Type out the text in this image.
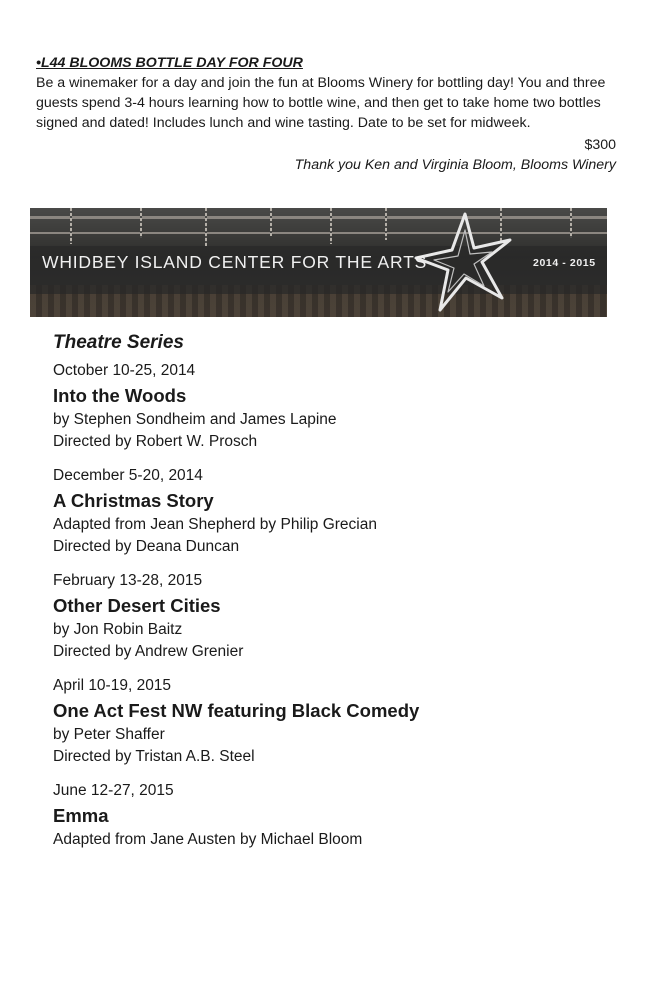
•L44 BLOOMS BOTTLE DAY FOR FOUR

Be a winemaker for a day and join the fun at Blooms Winery for bottling day! You and three guests spend 3-4 hours learning how to bottle wine, and then get to take home two bottles signed and dated! Includes lunch and wine tasting. Date to be set for midweek.

$300
Thank you Ken and Virginia Bloom, Blooms Winery
WHIDBEY ISLAND CENTER FOR THE ARTS	2014 - 2015
Theatre Series
October 10-25, 2014
Into the Woods
by Stephen Sondheim and James Lapine
Directed by Robert W. Prosch
December 5-20, 2014
A Christmas Story
Adapted from Jean Shepherd by Philip Grecian
Directed by Deana Duncan
February 13-28, 2015
Other Desert Cities
by Jon Robin Baitz
Directed by Andrew Grenier
April 10-19, 2015
One Act Fest NW featuring Black Comedy
by Peter Shaffer
Directed by Tristan A.B. Steel
June 12-27, 2015
Emma
Adapted from Jane Austen by Michael Bloom
